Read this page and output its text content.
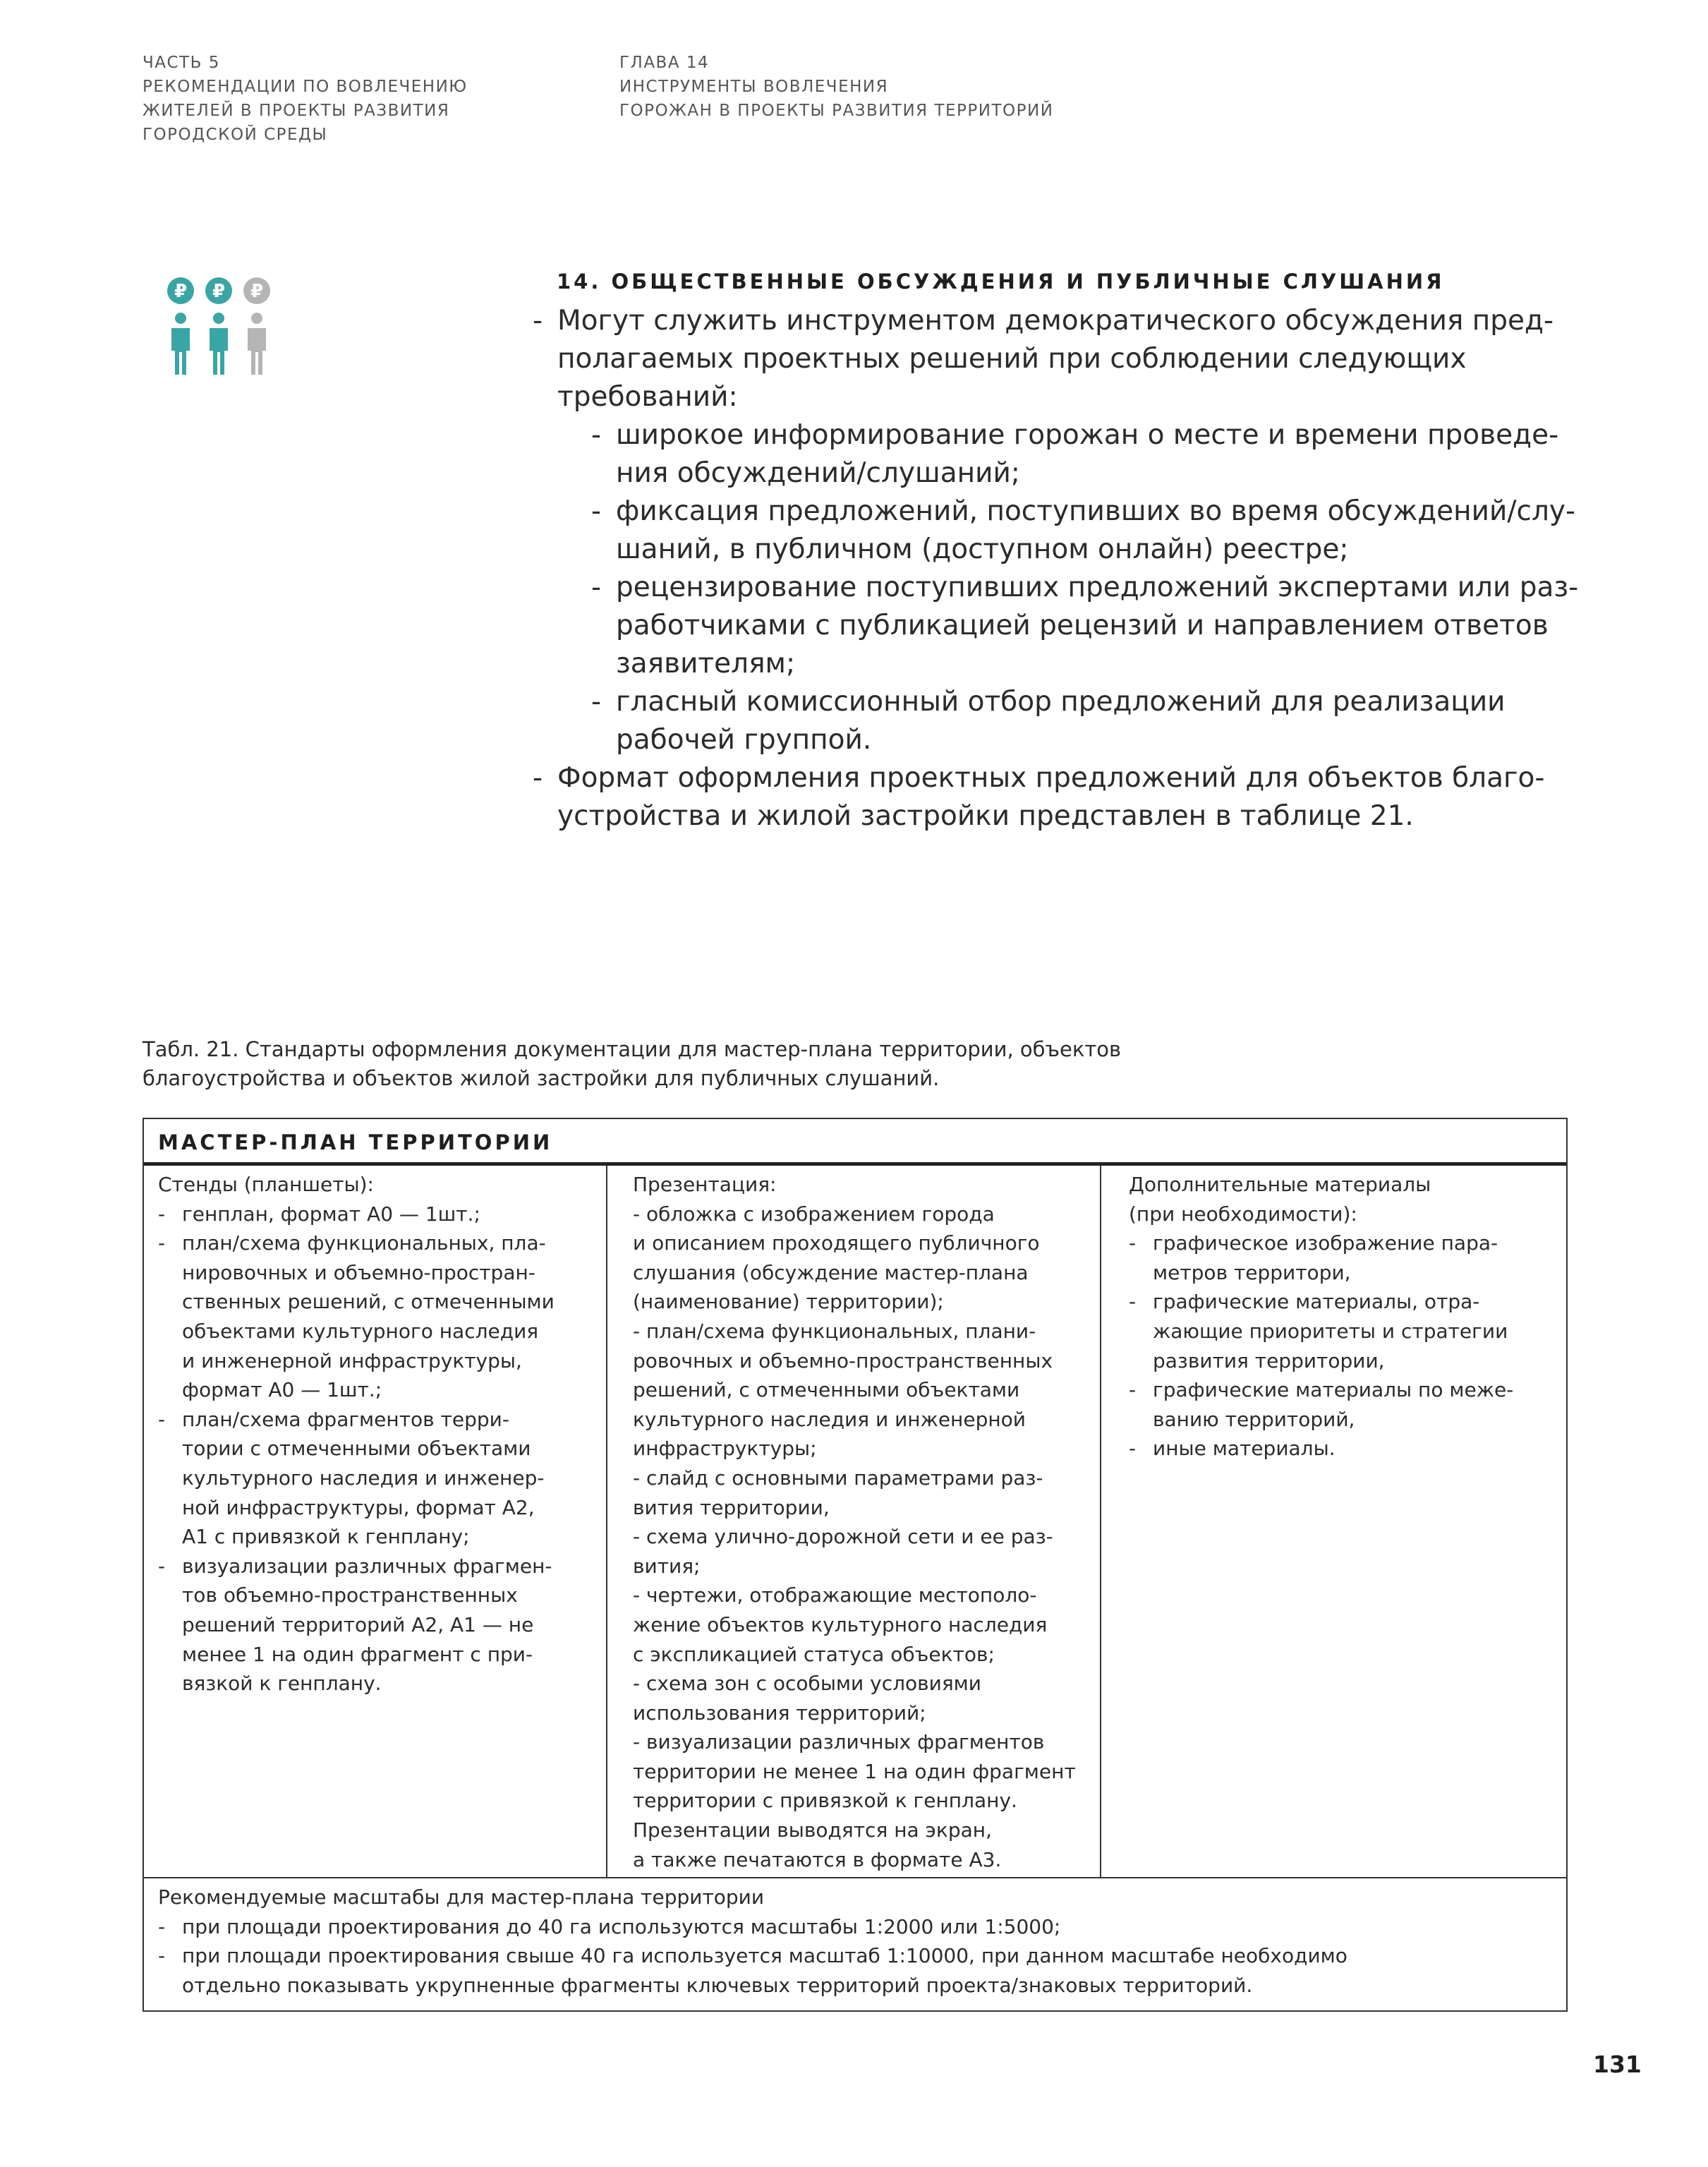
ЧАСТЬ 5
РЕКОМЕНДАЦИИ ПО ВОВЛЕЧЕНИЮ
ЖИТЕЛЕЙ В ПРОЕКТЫ РАЗВИТИЯ
ГОРОДСКОЙ СРЕДЫ
ГЛАВА 14
ИНСТРУМЕНТЫ ВОВЛЕЧЕНИЯ
ГОРОЖАН В ПРОЕКТЫ РАЗВИТИЯ ТЕРРИТОРИЙ
₽ ₽ ₽	14. ОБЩЕСТВЕННЫЕ ОБСУЖДЕНИЯ И ПУБЛИЧНЫЕ СЛУШАНИЯ
- Могут служить инструментом демократического обсуждения пред-
полагаемых проектных решений при соблюдении следующих
требований:
- широкое информирование горожан о месте и времени проведе-
ния обсуждений/слушаний;
- фиксация предложений, поступивших во время обсуждений/слу-
шаний, в публичном (доступном онлайн) реестре;
- рецензирование поступивших предложений экспертами или раз-
работчиками с публикацией рецензий и направлением ответов
заявителям;
- гласный комиссионный отбор предложений для реализации
рабочей группой.
- Формат оформления проектных предложений для объектов благо-
устройства и жилой застройки представлен в таблице 21.
Табл. 21. Стандарты оформления документации для мастер-плана территории, объектов
благоустройства и объектов жилой застройки для публичных слушаний.
МАСТЕР-ПЛАН ТЕРРИТОРИИ
Стенды (планшеты):
- генплан, формат А0 — 1шт.;
- план/схема функциональных, пла-
нировочных и объемно-простран-
ственных решений, с отмеченными
объектами культурного наследия
и инженерной инфраструктуры,
формат А0 — 1шт.;
- план/схема фрагментов терри-
тории с отмеченными объектами
культурного наследия и инженер-
ной инфраструктуры, формат А2,
А1 с привязкой к генплану;
- визуализации различных фрагмен-
тов объемно-пространственных
решений территорий А2, А1 — не
менее 1 на один фрагмент с при-
вязкой к генплану.
Презентация:
- обложка с изображением города
и описанием проходящего публичного
слушания (обсуждение мастер-плана
(наименование) территории);
- план/схема функциональных, плани-
ровочных и объемно-пространственных
решений, с отмеченными объектами
культурного наследия и инженерной
инфраструктуры;
- слайд с основными параметрами раз-
вития территории,
- схема улично-дорожной сети и ее раз-
вития;
- чертежи, отображающие местополо-
жение объектов культурного наследия
с экспликацией статуса объектов;
- схема зон с особыми условиями
использования территорий;
- визуализации различных фрагментов
территории не менее 1 на один фрагмент
территории с привязкой к генплану.
Презентации выводятся на экран,
а также печатаются в формате А3.
Дополнительные материалы
(при необходимости):
- графическое изображение пара-
метров территори,
- графические материалы, отра-
жающие приоритеты и стратегии
развития территории,
- графические материалы по меже-
ванию территорий,
- иные материалы.
Рекомендуемые масштабы для мастер-плана территории
- при площади проектирования до 40 га используются масштабы 1:2000 или 1:5000;
- при площади проектирования свыше 40 га используется масштаб 1:10000, при данном масштабе необходимо
отдельно показывать укрупненные фрагменты ключевых территорий проекта/знаковых территорий.
131
